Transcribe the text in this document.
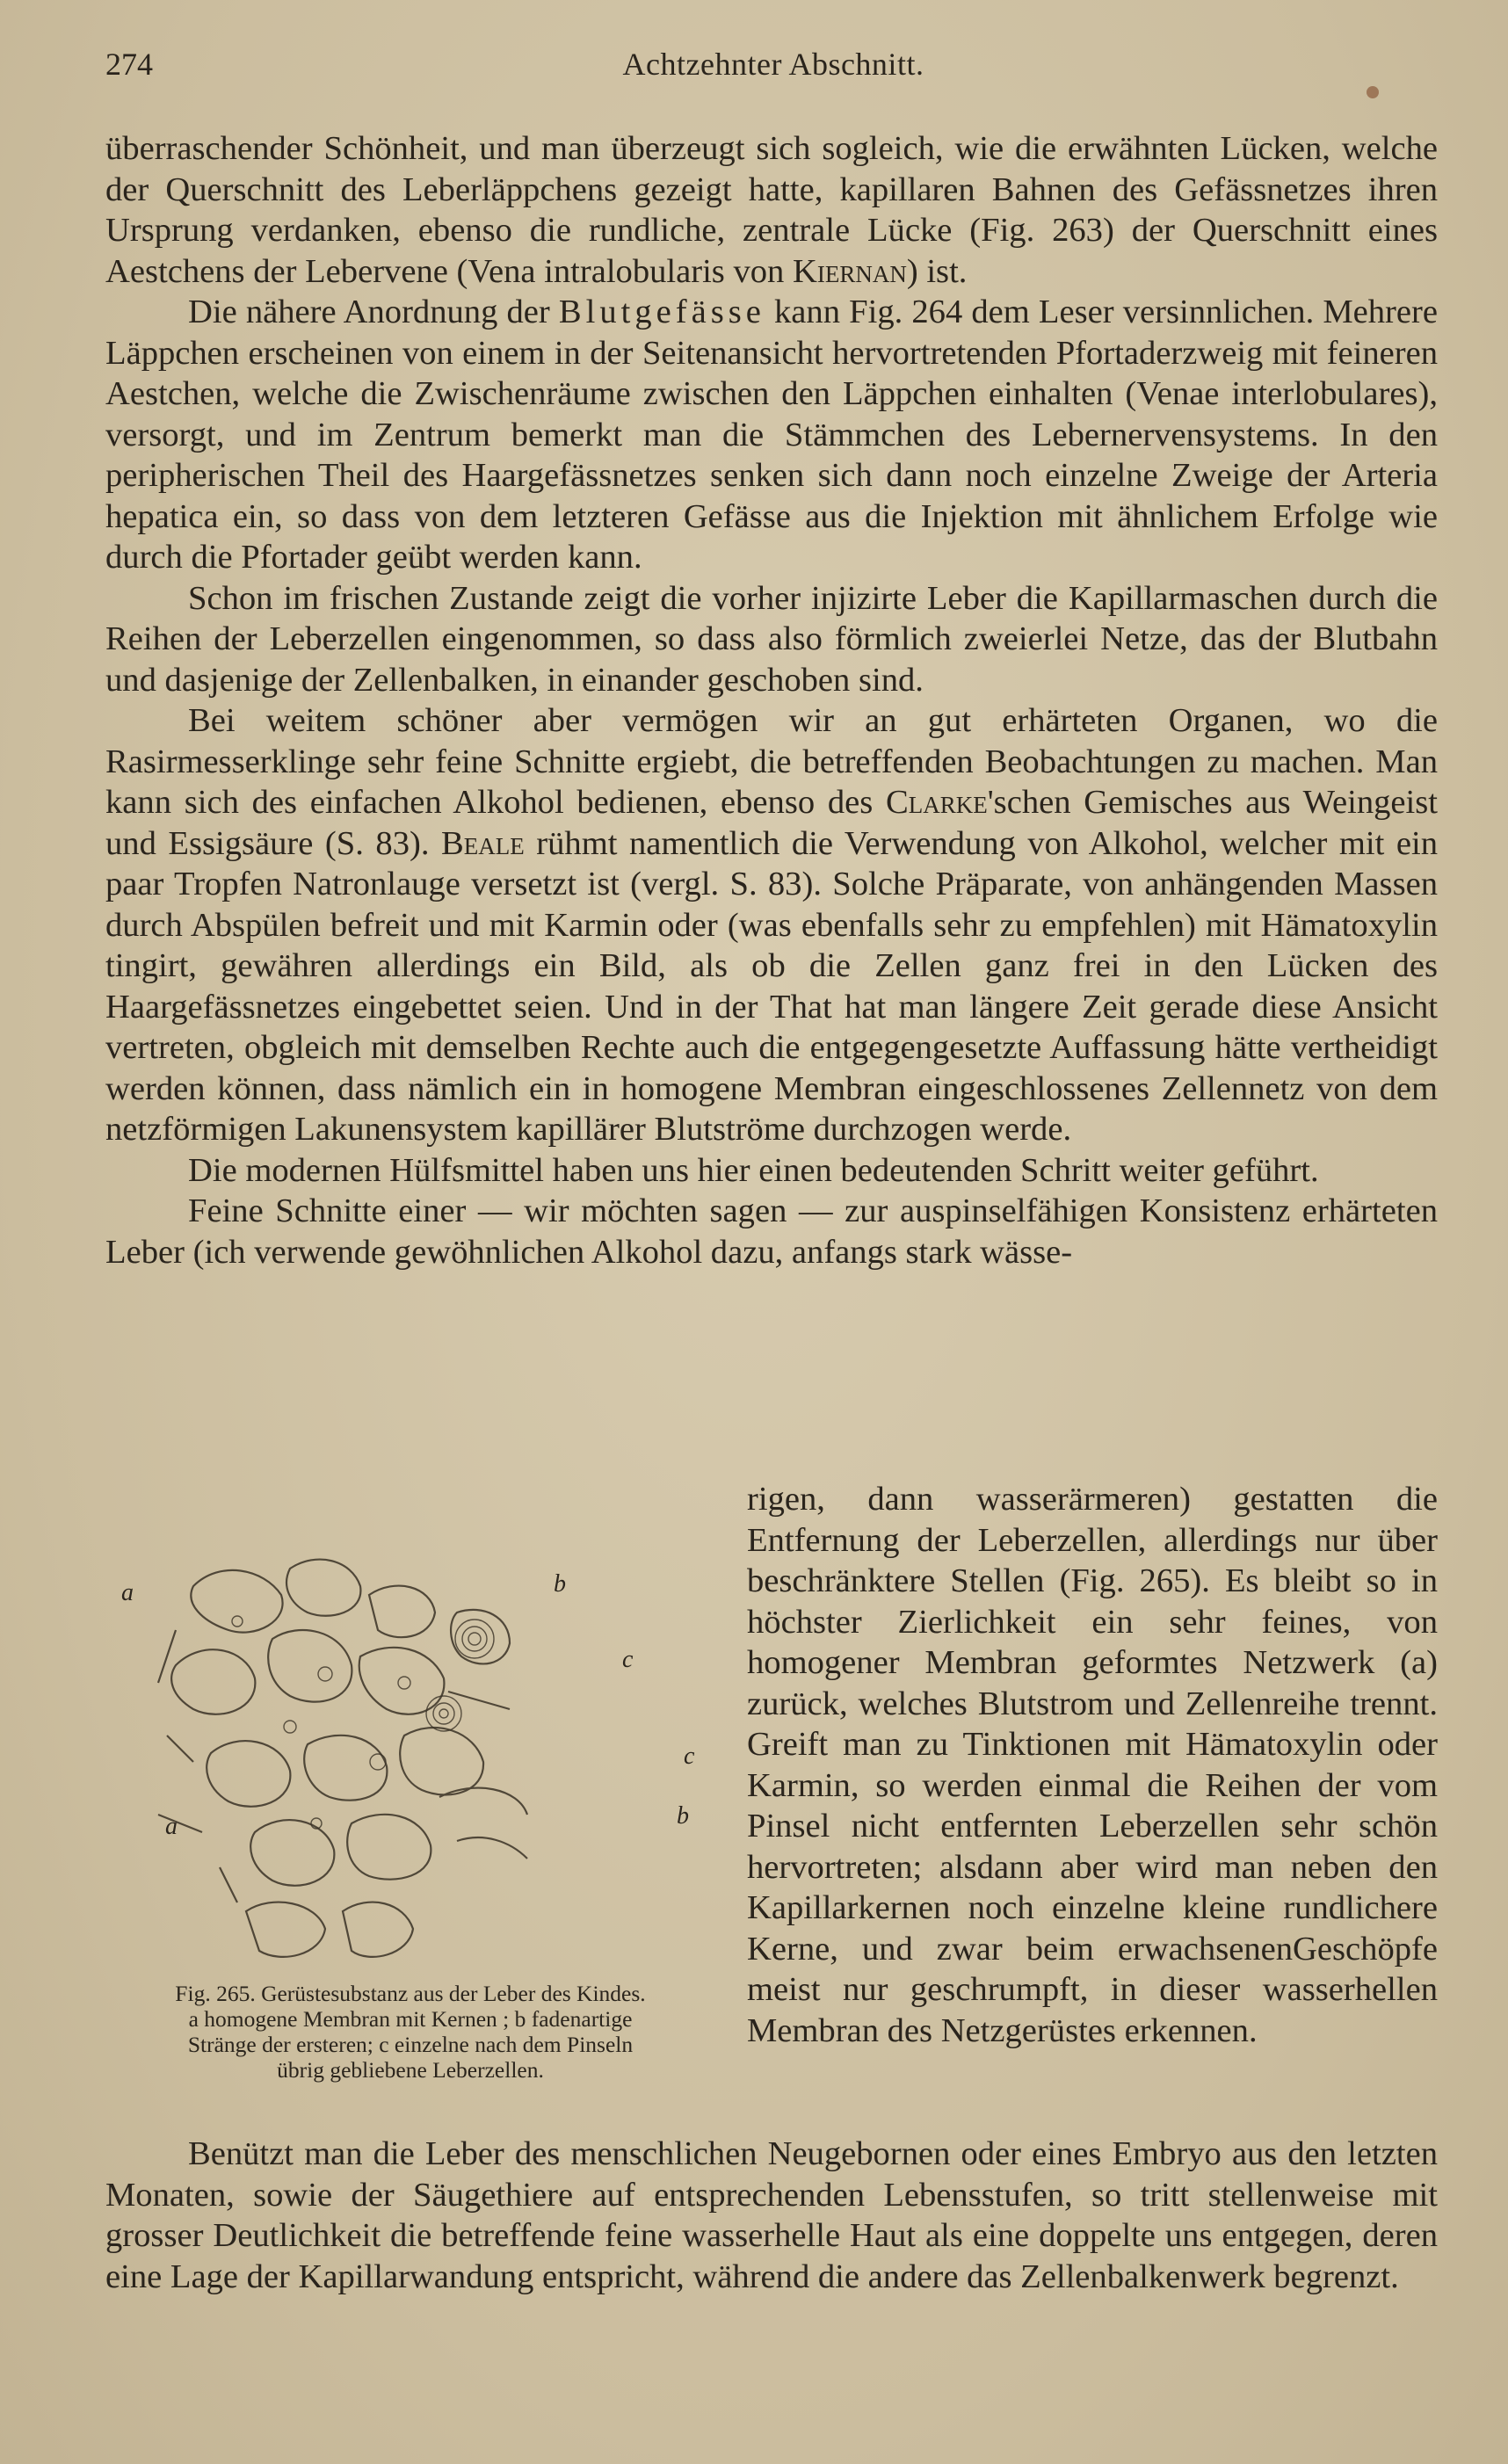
274	Achtzehnter Abschnitt.

überraschender Schönheit, und man überzeugt sich sogleich, wie die erwähnten Lücken, welche der Querschnitt des Leberläppchens gezeigt hatte, kapillaren Bahnen des Gefässnetzes ihren Ursprung verdanken, ebenso die rundliche, zentrale Lücke (Fig. 263) der Querschnitt eines Aestchens der Lebervene (Vena intralobularis von Kiernan) ist.

Die nähere Anordnung der Blutgefässe kann Fig. 264 dem Leser versinnlichen. Mehrere Läppchen erscheinen von einem in der Seitenansicht hervortretenden Pfortaderzweig mit feineren Aestchen, welche die Zwischenräume zwischen den Läppchen einhalten (Venae interlobulares), versorgt, und im Zentrum bemerkt man die Stämmchen des Lebernervensystems. In den peripherischen Theil des Haargefässnetzes senken sich dann noch einzelne Zweige der Arteria hepatica ein, so dass von dem letzteren Gefässe aus die Injektion mit ähnlichem Erfolge wie durch die Pfortader geübt werden kann.

Schon im frischen Zustande zeigt die vorher injizirte Leber die Kapillarmaschen durch die Reihen der Leberzellen eingenommen, so dass also förmlich zweierlei Netze, das der Blutbahn und dasjenige der Zellenbalken, in einander geschoben sind.

Bei weitem schöner aber vermögen wir an gut erhärteten Organen, wo die Rasirmesserklinge sehr feine Schnitte ergiebt, die betreffenden Beobachtungen zu machen. Man kann sich des einfachen Alkohol bedienen, ebenso des Clarke'schen Gemisches aus Weingeist und Essigsäure (S. 83). Beale rühmt namentlich die Verwendung von Alkohol, welcher mit ein paar Tropfen Natronlauge versetzt ist (vergl. S. 83). Solche Präparate, von anhängenden Massen durch Abspülen befreit und mit Karmin oder (was ebenfalls sehr zu empfehlen) mit Hämatoxylin tingirt, gewähren allerdings ein Bild, als ob die Zellen ganz frei in den Lücken des Haargefässnetzes eingebettet seien. Und in der That hat man längere Zeit gerade diese Ansicht vertreten, obgleich mit demselben Rechte auch die entgegengesetzte Auffassung hätte vertheidigt werden können, dass nämlich ein in homogene Membran eingeschlossenes Zellennetz von dem netzförmigen Lakunensystem kapillärer Blutströme durchzogen werde.

Die modernen Hülfsmittel haben uns hier einen bedeutenden Schritt weiter geführt.

Feine Schnitte einer — wir möchten sagen — zur auspinselfähigen Konsistenz erhärteten Leber (ich verwende gewöhnlichen Alkohol dazu, anfangs stark wässe-

a	b
c
c
a	b
Fig. 265. Gerüstesubstanz aus der Leber des Kindes.
a homogene Membran mit Kernen ; b fadenartige
Stränge der ersteren; c einzelne nach dem Pinseln
übrig gebliebene Leberzellen.

rigen, dann wasserärmeren) gestatten die Entfernung der Leberzellen, allerdings nur über beschränktere Stellen (Fig. 265). Es bleibt so in höchster Zierlichkeit ein sehr feines, von homogener Membran geformtes Netzwerk (a) zurück, welches Blutstrom und Zellenreihe trennt. Greift man zu Tinktionen mit Hämatoxylin oder Karmin, so werden einmal die Reihen der vom Pinsel nicht entfernten Leberzellen sehr schön hervortreten; alsdann aber wird man neben den Kapillarkernen noch einzelne kleine rundlichere Kerne, und zwar beim erwachsenenGeschöpfe meist nur geschrumpft, in dieser wasserhellen Membran des Netzgerüstes erkennen.

Benützt man die Leber des menschlichen Neugebornen oder eines Embryo aus den letzten Monaten, sowie der Säugethiere auf entsprechenden Lebensstufen, so tritt stellenweise mit grosser Deutlichkeit die betreffende feine wasserhelle Haut als eine doppelte uns entgegen, deren eine Lage der Kapillarwandung entspricht, während die andere das Zellenbalkenwerk begrenzt.
